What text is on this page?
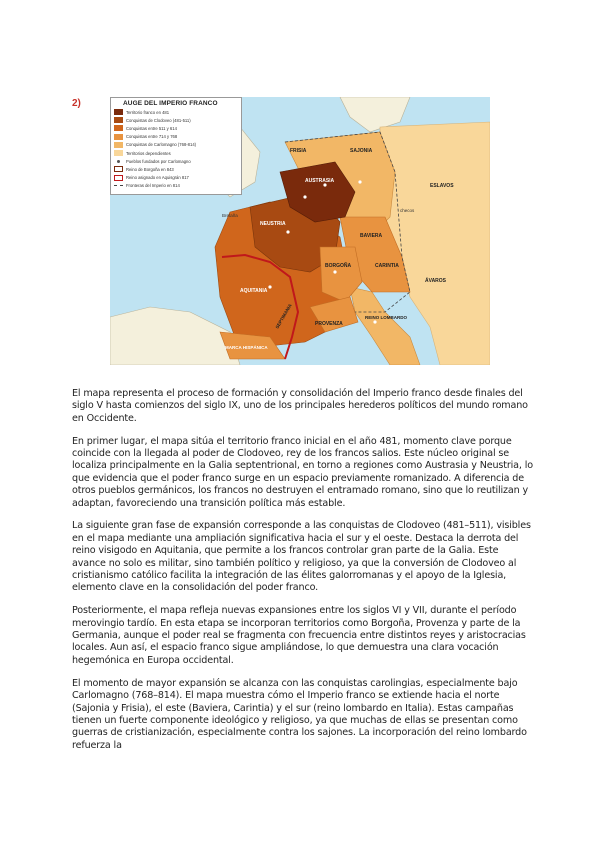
2)
FRISIA	SAJONIA
AUSTRASIA
NEUSTRIA
Bretaña
BORGOÑA
BAVIERA
CARINTIA
AQUITANIA
PROVENZA
SEPTIMANIA
MARCA HISPÁNICA
REINO LOMBARDO
checos
ESLAVOS
ÁVAROS
AUGE DEL IMPERIO FRANCO
Territorio franco en 481
Conquistas de Clodoveo (481-511)
Conquistas entre 511 y 614
Conquistas entre 714 y 768
Conquistas de Carlomagno (768-814)
Territorios dependientes
Pueblos fundados por Carlomagno
Reino de Borgoña en 843
Reino asignado en Aquisgrán 817
Fronteras del Imperio en 814

El mapa representa el proceso de formación y consolidación del Imperio franco desde finales del siglo V hasta comienzos del siglo IX, uno de los principales herederos políticos del mundo romano en Occidente.

En primer lugar, el mapa sitúa el territorio franco inicial en el año 481, momento clave porque coincide con la llegada al poder de Clodoveo, rey de los francos salios. Este núcleo original se localiza principalmente en la Galia septentrional, en torno a regiones como Austrasia y Neustria, lo que evidencia que el poder franco surge en un espacio previamente romanizado. A diferencia de otros pueblos germánicos, los francos no destruyen el entramado romano, sino que lo reutilizan y adaptan, favoreciendo una transición política más estable.

La siguiente gran fase de expansión corresponde a las conquistas de Clodoveo (481–511), visibles en el mapa mediante una ampliación significativa hacia el sur y el oeste. Destaca la derrota del reino visigodo en Aquitania, que permite a los francos controlar gran parte de la Galia. Este avance no solo es militar, sino también político y religioso, ya que la conversión de Clodoveo al cristianismo católico facilita la integración de las élites galorromanas y el apoyo de la Iglesia, elemento clave en la consolidación del poder franco.

Posteriormente, el mapa refleja nuevas expansiones entre los siglos VI y VII, durante el período merovingio tardío. En esta etapa se incorporan territorios como Borgoña, Provenza y parte de la Germania, aunque el poder real se fragmenta con frecuencia entre distintos reyes y aristocracias locales. Aun así, el espacio franco sigue ampliándose, lo que demuestra una clara vocación hegemónica en Europa occidental.

El momento de mayor expansión se alcanza con las conquistas carolingias, especialmente bajo Carlomagno (768–814). El mapa muestra cómo el Imperio franco se extiende hacia el norte (Sajonia y Frisia), el este (Baviera, Carintia) y el sur (reino lombardo en Italia). Estas campañas tienen un fuerte componente ideológico y religioso, ya que muchas de ellas se presentan como guerras de cristianización, especialmente contra los sajones. La incorporación del reino lombardo refuerza la
